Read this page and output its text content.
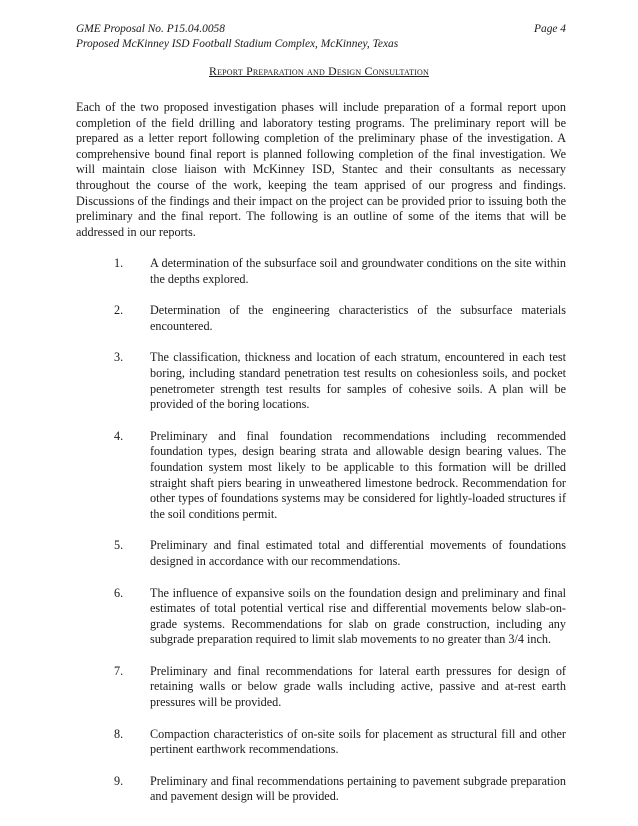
GME Proposal No. P15.04.0058
Proposed McKinney ISD Football Stadium Complex, McKinney, Texas
Page 4
Report Preparation and Design Consultation

Each of the two proposed investigation phases will include preparation of a formal report upon completion of the field drilling and laboratory testing programs. The preliminary report will be prepared as a letter report following completion of the preliminary phase of the investigation. A comprehensive bound final report is planned following completion of the final investigation. We will maintain close liaison with McKinney ISD, Stantec and their consultants as necessary throughout the course of the work, keeping the team apprised of our progress and findings. Discussions of the findings and their impact on the project can be provided prior to issuing both the preliminary and the final report. The following is an outline of some of the items that will be addressed in our reports.

1. A determination of the subsurface soil and groundwater conditions on the site within the depths explored.
2. Determination of the engineering characteristics of the subsurface materials encountered.
3. The classification, thickness and location of each stratum, encountered in each test boring, including standard penetration test results on cohesionless soils, and pocket penetrometer strength test results for samples of cohesive soils. A plan will be provided of the boring locations.
4. Preliminary and final foundation recommendations including recommended foundation types, design bearing strata and allowable design bearing values. The foundation system most likely to be applicable to this formation will be drilled straight shaft piers bearing in unweathered limestone bedrock. Recommendation for other types of foundations systems may be considered for lightly-loaded structures if the soil conditions permit.
5. Preliminary and final estimated total and differential movements of foundations designed in accordance with our recommendations.
6. The influence of expansive soils on the foundation design and preliminary and final estimates of total potential vertical rise and differential movements below slab-on-grade systems. Recommendations for slab on grade construction, including any subgrade preparation required to limit slab movements to no greater than 3/4 inch.
7. Preliminary and final recommendations for lateral earth pressures for design of retaining walls or below grade walls including active, passive and at-rest earth pressures will be provided.
8. Compaction characteristics of on-site soils for placement as structural fill and other pertinent earthwork recommendations.
9. Preliminary and final recommendations pertaining to pavement subgrade preparation and pavement design will be provided.
